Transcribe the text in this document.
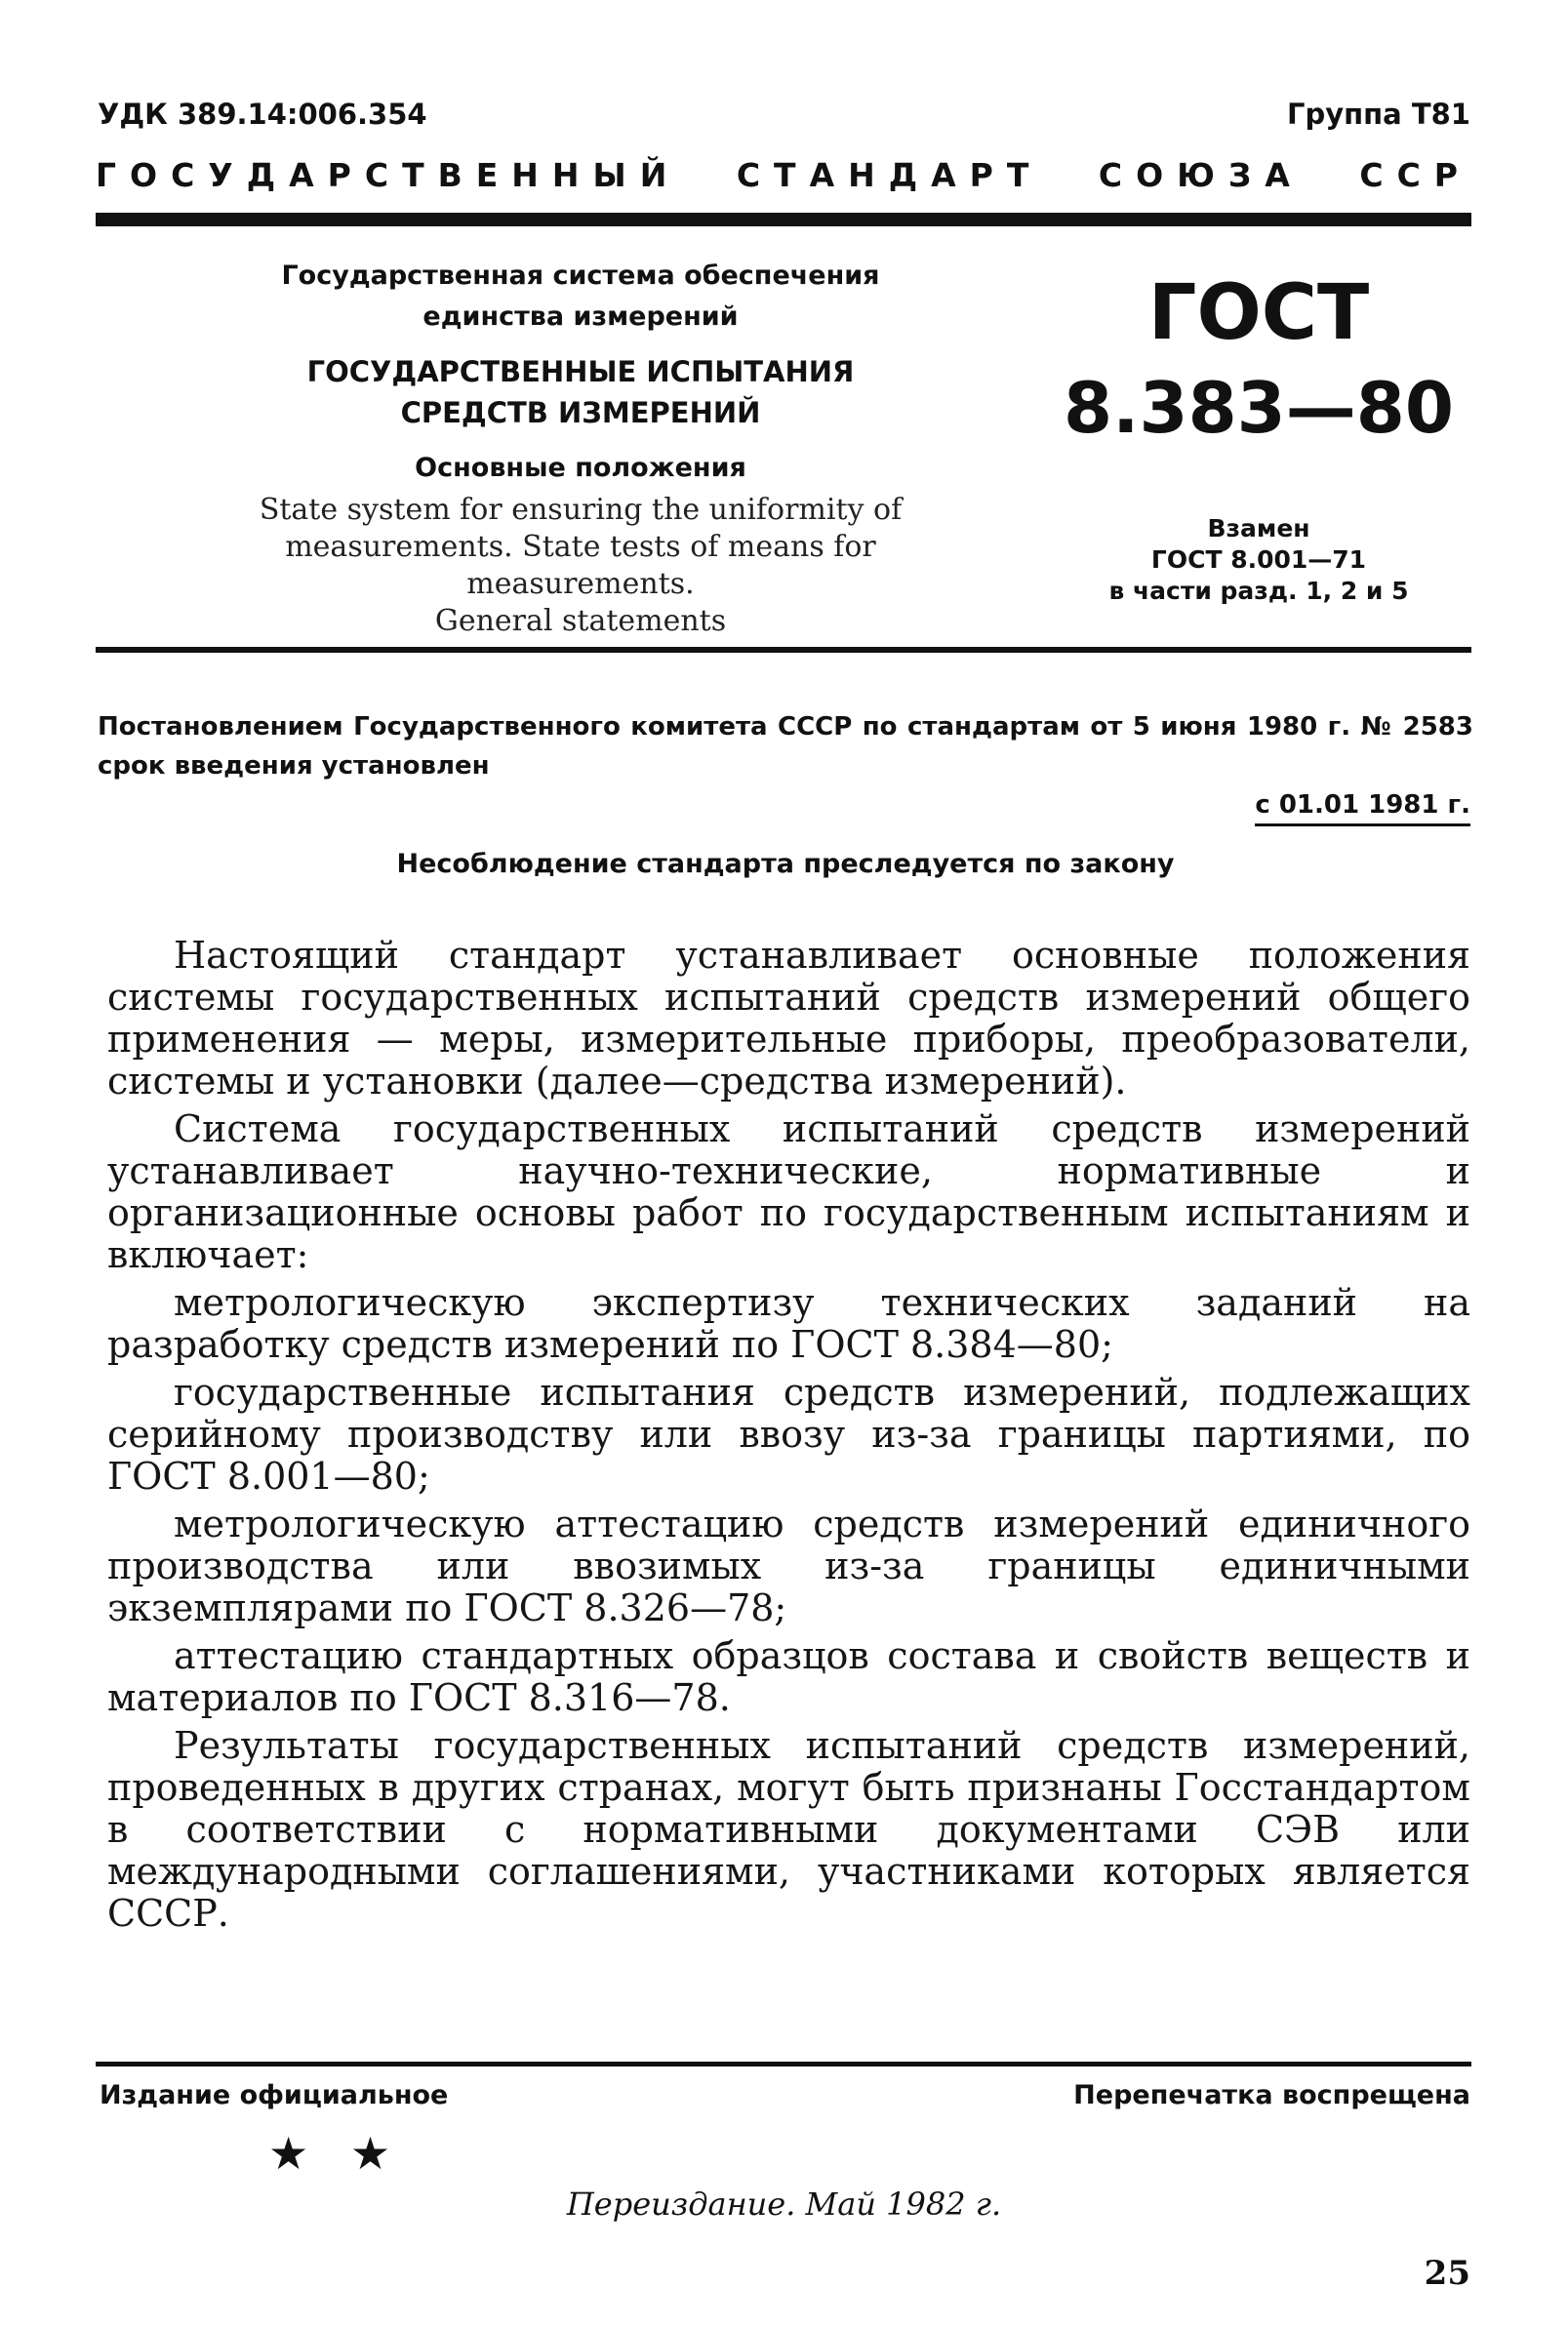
УДК 389.14:006.354	Группа Т81
ГОСУДАРСТВЕННЫЙ СТАНДАРТ СОЮЗА ССР
Государственная система обеспечения
единства измерений
ГОСУДАРСТВЕННЫЕ ИСПЫТАНИЯ
СРЕДСТВ ИЗМЕРЕНИЙ
Основные положения
State system for ensuring the uniformity of
measurements. State tests of means for measurements.
General statements
ГОСТ
8.383—80
Взамен
ГОСТ 8.001—71
в части разд. 1, 2 и 5
Постановлением Государственного комитета СССР по стандартам от 5 июня 1980 г. № 2583 срок введения установлен
с 01.01 1981 г.
Несоблюдение стандарта преследуется по закону

Настоящий стандарт устанавливает основные положения системы государственных испытаний средств измерений общего применения — меры, измерительные приборы, преобразователи, системы и установки (далее—средства измерений).

Система государственных испытаний средств измерений устанавливает научно-технические, нормативные и организационные основы работ по государственным испытаниям и включает:

метрологическую экспертизу технических заданий на разработку средств измерений по ГОСТ 8.384—80;

государственные испытания средств измерений, подлежащих серийному производству или ввозу из-за границы партиями, по ГОСТ 8.001—80;

метрологическую аттестацию средств измерений единичного производства или ввозимых из-за границы единичными экземплярами по ГОСТ 8.326—78;

аттестацию стандартных образцов состава и свойств веществ и материалов по ГОСТ 8.316—78.

Результаты государственных испытаний средств измерений, проведенных в других странах, могут быть признаны Госстандартом в соответствии с нормативными документами СЭВ или международными соглашениями, участниками которых является СССР.

Издание официальное	Перепечатка воспрещена
★ ★
Переиздание. Май 1982 г.
25
